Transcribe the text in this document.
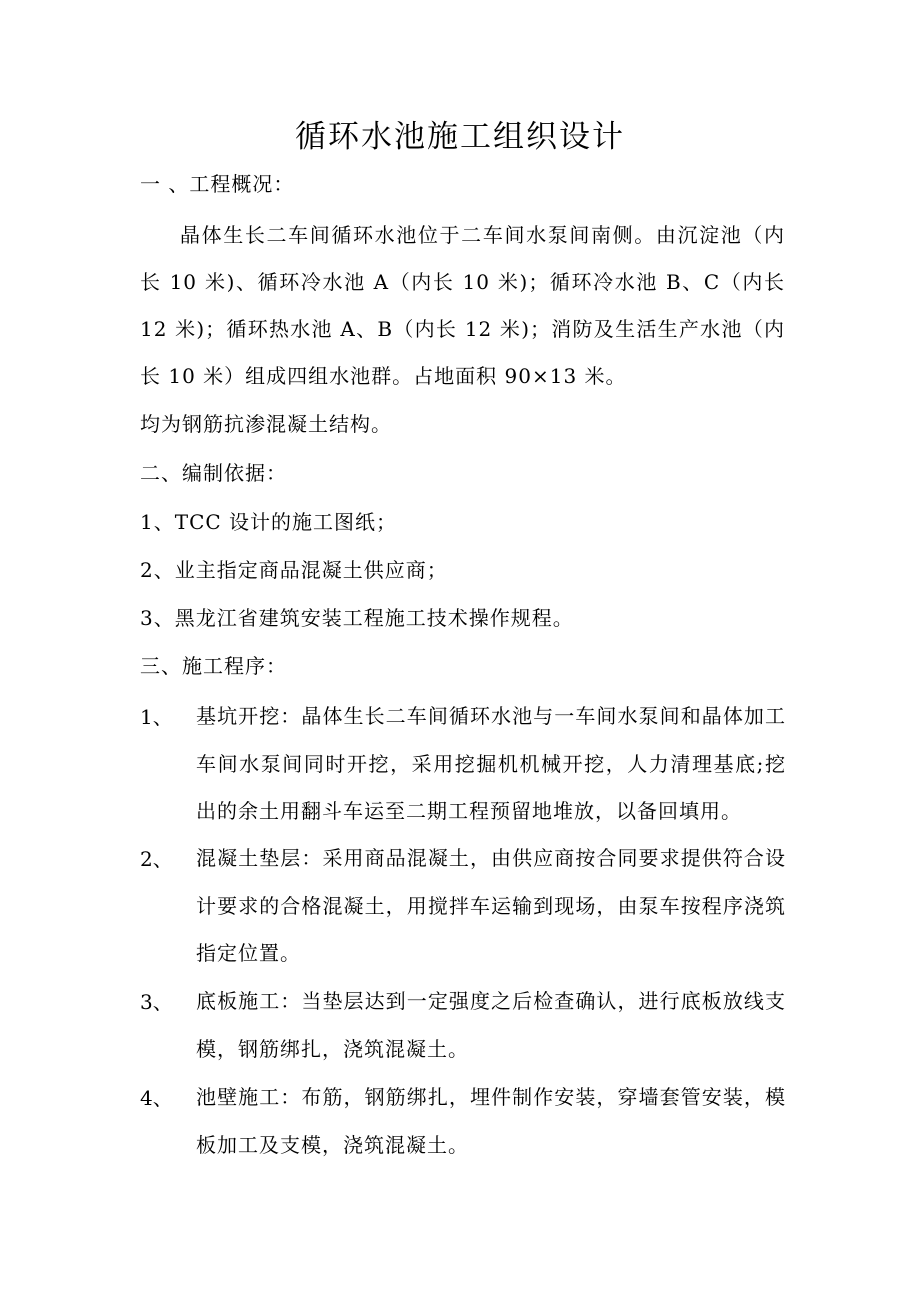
循环水池施工组织设计
一 、工程概况：
晶体生长二车间循环水池位于二车间水泵间南侧。由沉淀池（内长 10 米)、循环冷水池 A（内长 10 米)；循环冷水池 B、C（内长 12 米)；循环热水池 A、B（内长 12 米)；消防及生活生产水池（内长 10 米）组成四组水池群。占地面积 90×13 米。
均为钢筋抗渗混凝土结构。
二、编制依据：
1、TCC 设计的施工图纸；
2、业主指定商品混凝土供应商；
3、黑龙江省建筑安装工程施工技术操作规程。
三、施工程序：
1、 基坑开挖：晶体生长二车间循环水池与一车间水泵间和晶体加工车间水泵间同时开挖，采用挖掘机机械开挖，人力清理基底;挖出的余土用翻斗车运至二期工程预留地堆放，以备回填用。
2、 混凝土垫层：采用商品混凝土，由供应商按合同要求提供符合设计要求的合格混凝土，用搅拌车运输到现场，由泵车按程序浇筑指定位置。
3、 底板施工：当垫层达到一定强度之后检查确认，进行底板放线支模，钢筋绑扎，浇筑混凝土。
4、 池壁施工：布筋，钢筋绑扎，埋件制作安装，穿墙套管安装，模板加工及支模，浇筑混凝土。
